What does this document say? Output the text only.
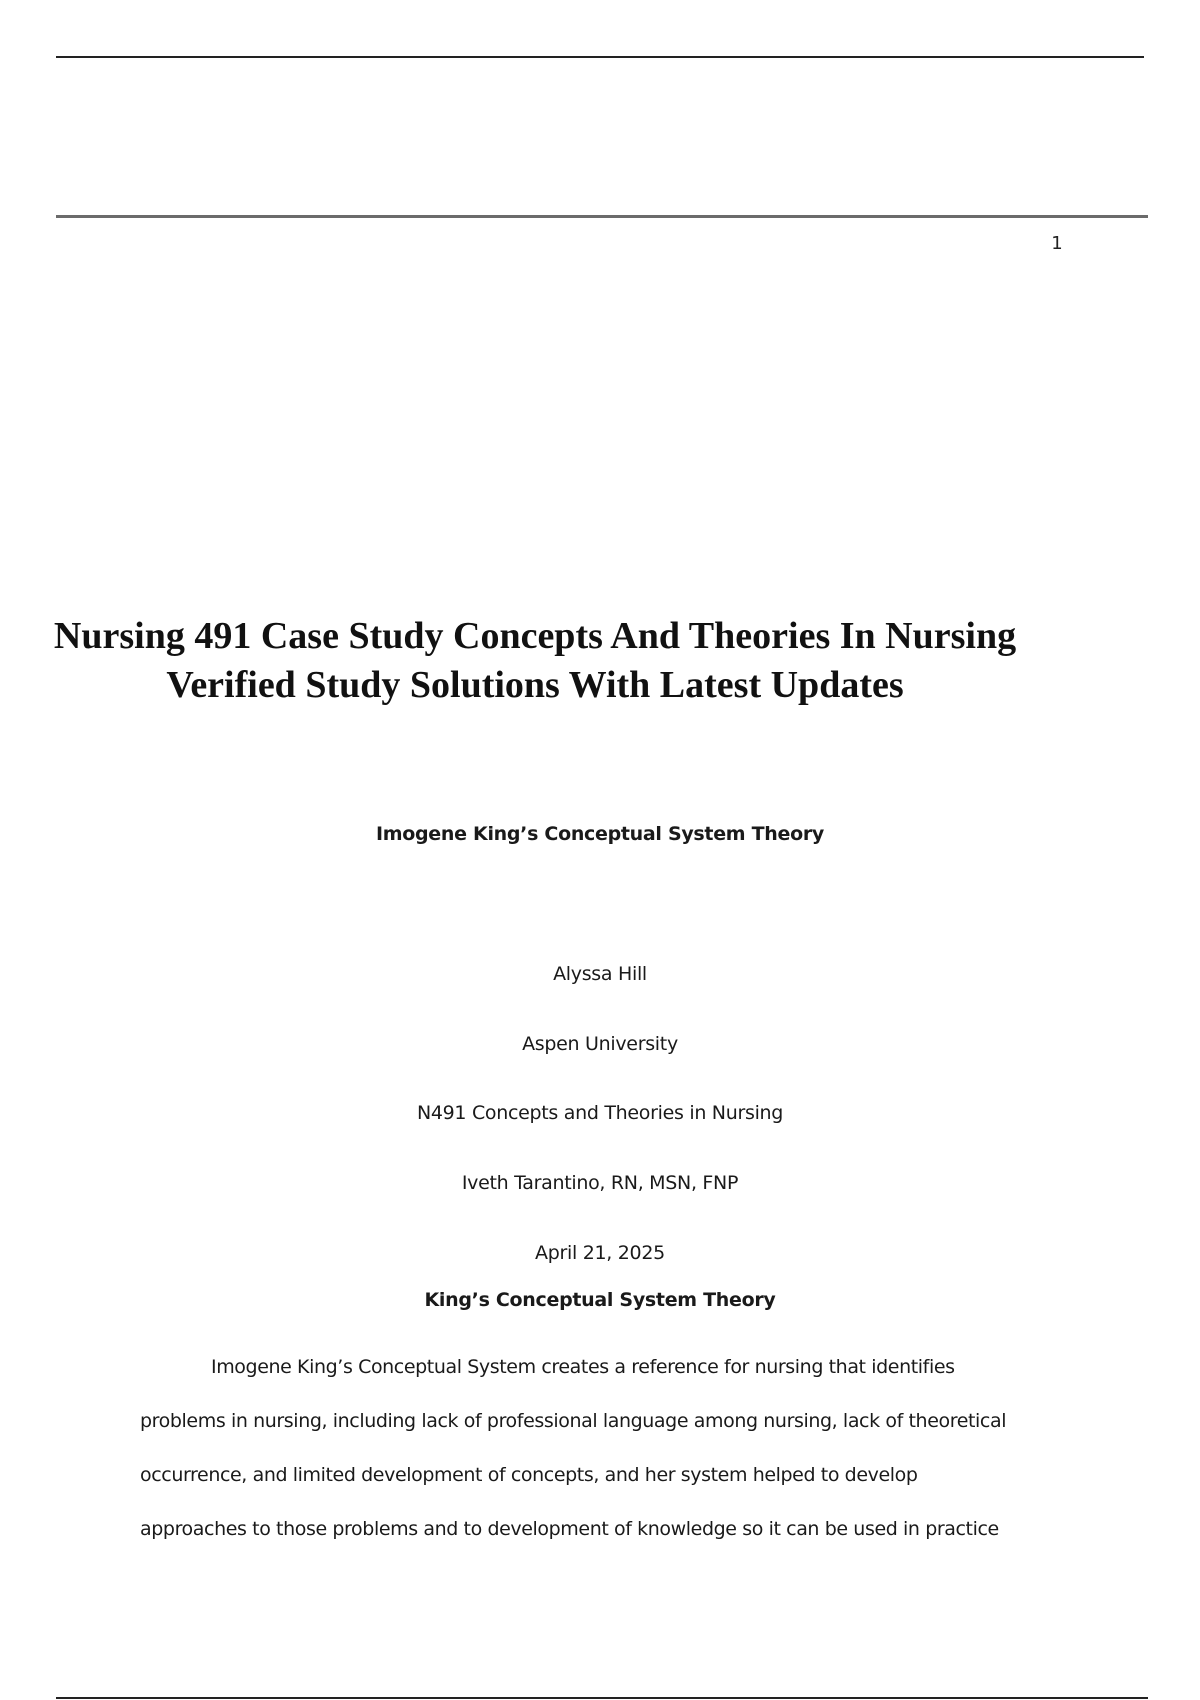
1
Nursing 491 Case Study Concepts And Theories In Nursing
Verified Study Solutions With Latest Updates

Imogene King’s Conceptual System Theory

Alyssa Hill

Aspen University

N491 Concepts and Theories in Nursing

Iveth Tarantino, RN, MSN, FNP

April 21, 2025

King’s Conceptual System Theory

Imogene King’s Conceptual System creates a reference for nursing that identifies
problems in nursing, including lack of professional language among nursing, lack of theoretical
occurrence, and limited development of concepts, and her system helped to develop
approaches to those problems and to development of knowledge so it can be used in practice
